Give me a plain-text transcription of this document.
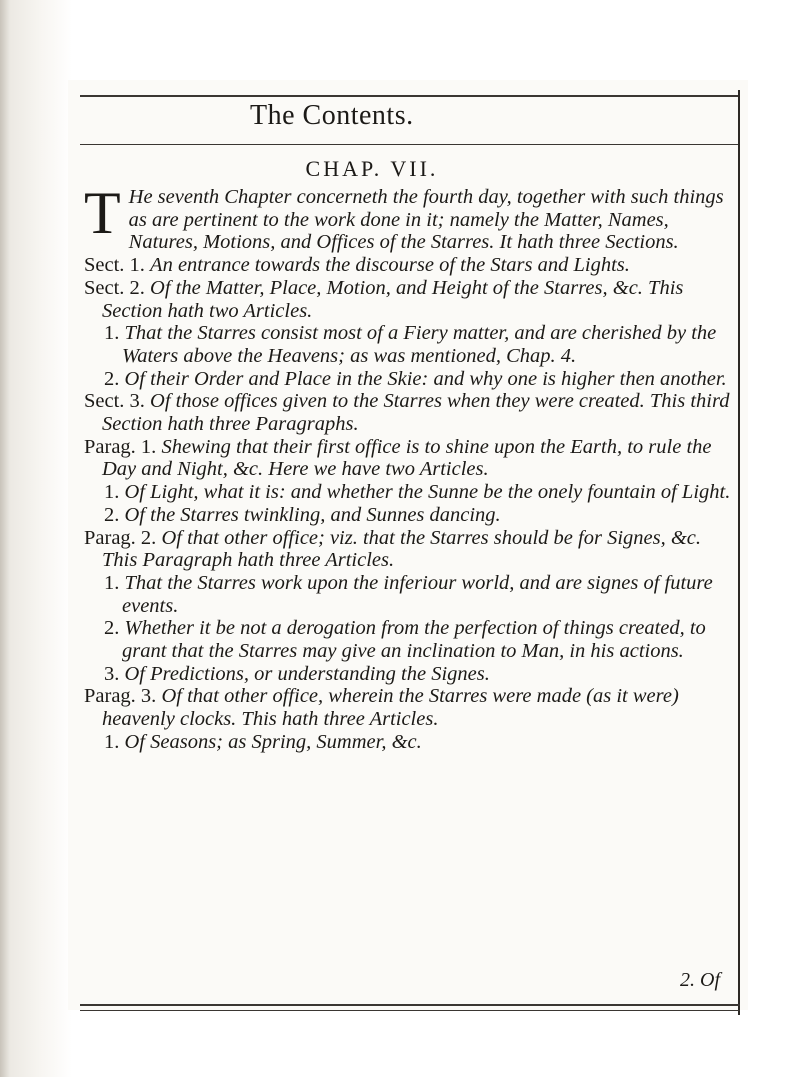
The Contents.
CHAP. VII.

T He seventh Chapter concerneth the fourth day, together with such things as are pertinent to the work done in it; namely the Matter, Names, Natures, Motions, and Offices of the Starres. It hath three Sections.

Sect. 1. An entrance towards the discourse of the Stars and Lights.

Sect. 2. Of the Matter, Place, Motion, and Height of the Starres, &c. This Section hath two Articles.

1. That the Starres consist most of a Fiery matter, and are cherished by the Waters above the Heavens; as was mentioned, Chap. 4.

2. Of their Order and Place in the Skie: and why one is higher then another.

Sect. 3. Of those offices given to the Starres when they were created. This third Section hath three Paragraphs.

Parag. 1. Shewing that their first office is to shine upon the Earth, to rule the Day and Night, &c. Here we have two Articles.

1. Of Light, what it is: and whether the Sunne be the onely fountain of Light.

2. Of the Starres twinkling, and Sunnes dancing.

Parag. 2. Of that other office; viz. that the Starres should be for Signes, &c. This Paragraph hath three Articles.

1. That the Starres work upon the inferiour world, and are signes of future events.

2. Whether it be not a derogation from the perfection of things created, to grant that the Starres may give an inclination to Man, in his actions.

3. Of Predictions, or understanding the Signes.

Parag. 3. Of that other office, wherein the Starres were made (as it were) heavenly clocks. This hath three Articles.

1. Of Seasons; as Spring, Summer, &c.

2. Of
